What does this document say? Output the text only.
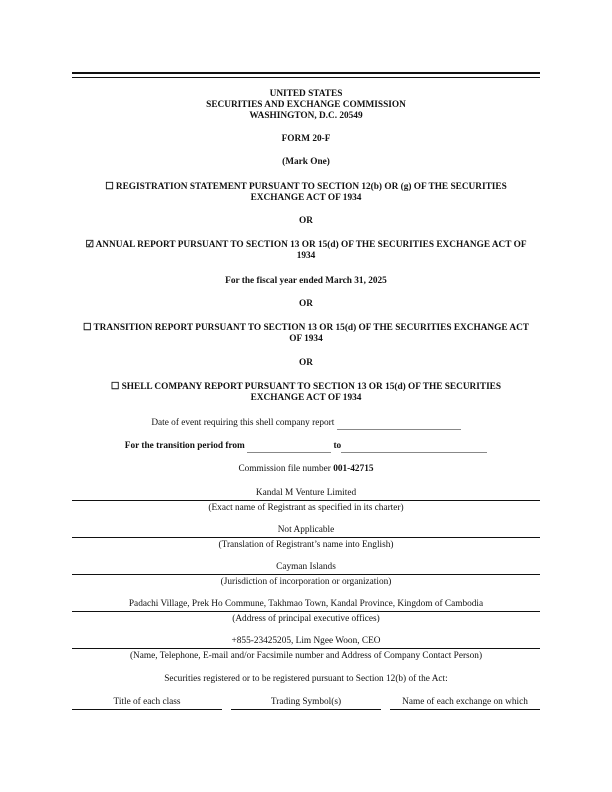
UNITED STATES
SECURITIES AND EXCHANGE COMMISSION
WASHINGTON, D.C. 20549
FORM 20-F
(Mark One)
☐ REGISTRATION STATEMENT PURSUANT TO SECTION 12(b) OR (g) OF THE SECURITIES EXCHANGE ACT OF 1934
OR
☑ ANNUAL REPORT PURSUANT TO SECTION 13 OR 15(d) OF THE SECURITIES EXCHANGE ACT OF 1934
For the fiscal year ended March 31, 2025
OR
☐ TRANSITION REPORT PURSUANT TO SECTION 13 OR 15(d) OF THE SECURITIES EXCHANGE ACT OF 1934
OR
☐ SHELL COMPANY REPORT PURSUANT TO SECTION 13 OR 15(d) OF THE SECURITIES EXCHANGE ACT OF 1934
Date of event requiring this shell company report
For the transition period from	to
Commission file number 001-42715
Kandal M Venture Limited
(Exact name of Registrant as specified in its charter)
Not Applicable
(Translation of Registrant’s name into English)
Cayman Islands
(Jurisdiction of incorporation or organization)
Padachi Village, Prek Ho Commune, Takhmao Town, Kandal Province, Kingdom of Cambodia
(Address of principal executive offices)
+855-23425205, Lim Ngee Woon, CEO
(Name, Telephone, E-mail and/or Facsimile number and Address of Company Contact Person)
Securities registered or to be registered pursuant to Section 12(b) of the Act:
Title of each class	Trading Symbol(s)	Name of each exchange on which
